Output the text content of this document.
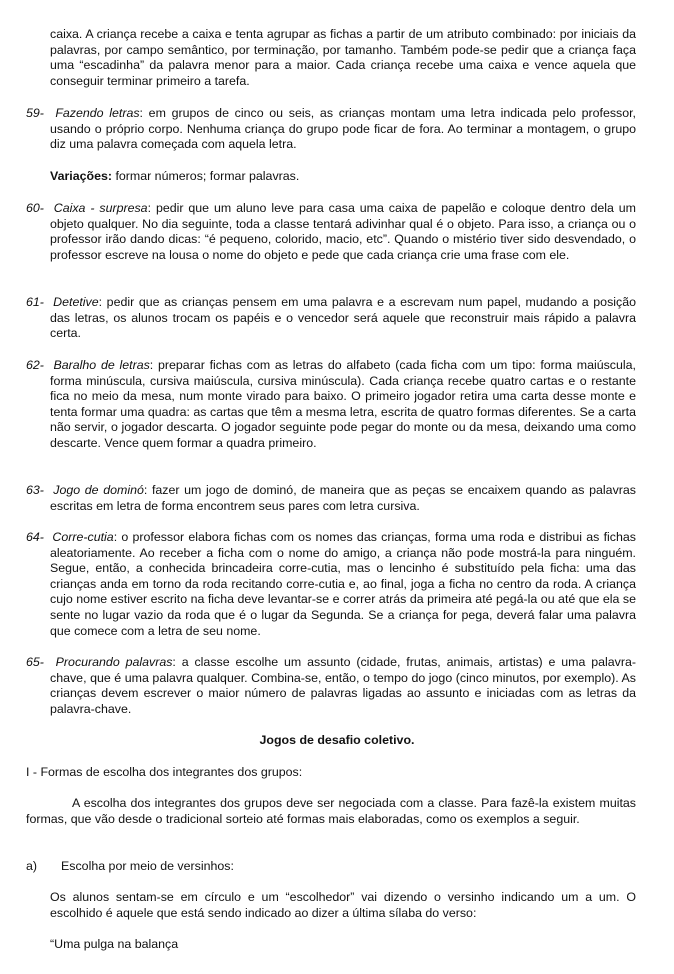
caixa. A criança recebe a caixa e tenta agrupar as fichas a partir de um atributo combinado: por iniciais da palavras, por campo semântico, por terminação, por tamanho. Também pode-se pedir que a criança faça uma “escadinha” da palavra menor para a maior. Cada criança recebe uma caixa e vence aquela que conseguir terminar primeiro a tarefa.

59- Fazendo letras: em grupos de cinco ou seis, as crianças montam uma letra indicada pelo professor, usando o próprio corpo. Nenhuma criança do grupo pode ficar de fora. Ao terminar a montagem, o grupo diz uma palavra começada com aquela letra.

Variações: formar números; formar palavras.

60- Caixa - surpresa: pedir que um aluno leve para casa uma caixa de papelão e coloque dentro dela um objeto qualquer. No dia seguinte, toda a classe tentará adivinhar qual é o objeto. Para isso, a criança ou o professor irão dando dicas: “é pequeno, colorido, macio, etc”. Quando o mistério tiver sido desvendado, o professor escreve na lousa o nome do objeto e pede que cada criança crie uma frase com ele.
61- Detetive: pedir que as crianças pensem em uma palavra e a escrevam num papel, mudando a posição das letras, os alunos trocam os papéis e o vencedor será aquele que reconstruir mais rápido a palavra certa.
62- Baralho de letras: preparar fichas com as letras do alfabeto (cada ficha com um tipo: forma maiúscula, forma minúscula, cursiva maiúscula, cursiva minúscula). Cada criança recebe quatro cartas e o restante fica no meio da mesa, num monte virado para baixo. O primeiro jogador retira uma carta desse monte e tenta formar uma quadra: as cartas que têm a mesma letra, escrita de quatro formas diferentes. Se a carta não servir, o jogador descarta. O jogador seguinte pode pegar do monte ou da mesa, deixando uma como descarte. Vence quem formar a quadra primeiro.
63- Jogo de dominó: fazer um jogo de dominó, de maneira que as peças se encaixem quando as palavras escritas em letra de forma encontrem seus pares com letra cursiva.
64- Corre-cutia: o professor elabora fichas com os nomes das crianças, forma uma roda e distribui as fichas aleatoriamente. Ao receber a ficha com o nome do amigo, a criança não pode mostrá-la para ninguém. Segue, então, a conhecida brincadeira corre-cutia, mas o lencinho é substituído pela ficha: uma das crianças anda em torno da roda recitando corre-cutia e, ao final, joga a ficha no centro da roda. A criança cujo nome estiver escrito na ficha deve levantar-se e correr atrás da primeira até pegá-la ou até que ela se sente no lugar vazio da roda que é o lugar da Segunda. Se a criança for pega, deverá falar uma palavra que comece com a letra de seu nome.
65- Procurando palavras: a classe escolhe um assunto (cidade, frutas, animais, artistas) e uma palavra-chave, que é uma palavra qualquer. Combina-se, então, o tempo do jogo (cinco minutos, por exemplo). As crianças devem escrever o maior número de palavras ligadas ao assunto e iniciadas com as letras da palavra-chave.
Jogos de desafio coletivo.

I - Formas de escolha dos integrantes dos grupos:

A escolha dos integrantes dos grupos deve ser negociada com a classe. Para fazê-la existem muitas formas, que vão desde o tradicional sorteio até formas mais elaboradas, como os exemplos a seguir.

a) Escolha por meio de versinhos:

Os alunos sentam-se em círculo e um “escolhedor” vai dizendo o versinho indicando um a um. O escolhido é aquele que está sendo indicado ao dizer a última sílaba do verso:

“Uma pulga na balança
